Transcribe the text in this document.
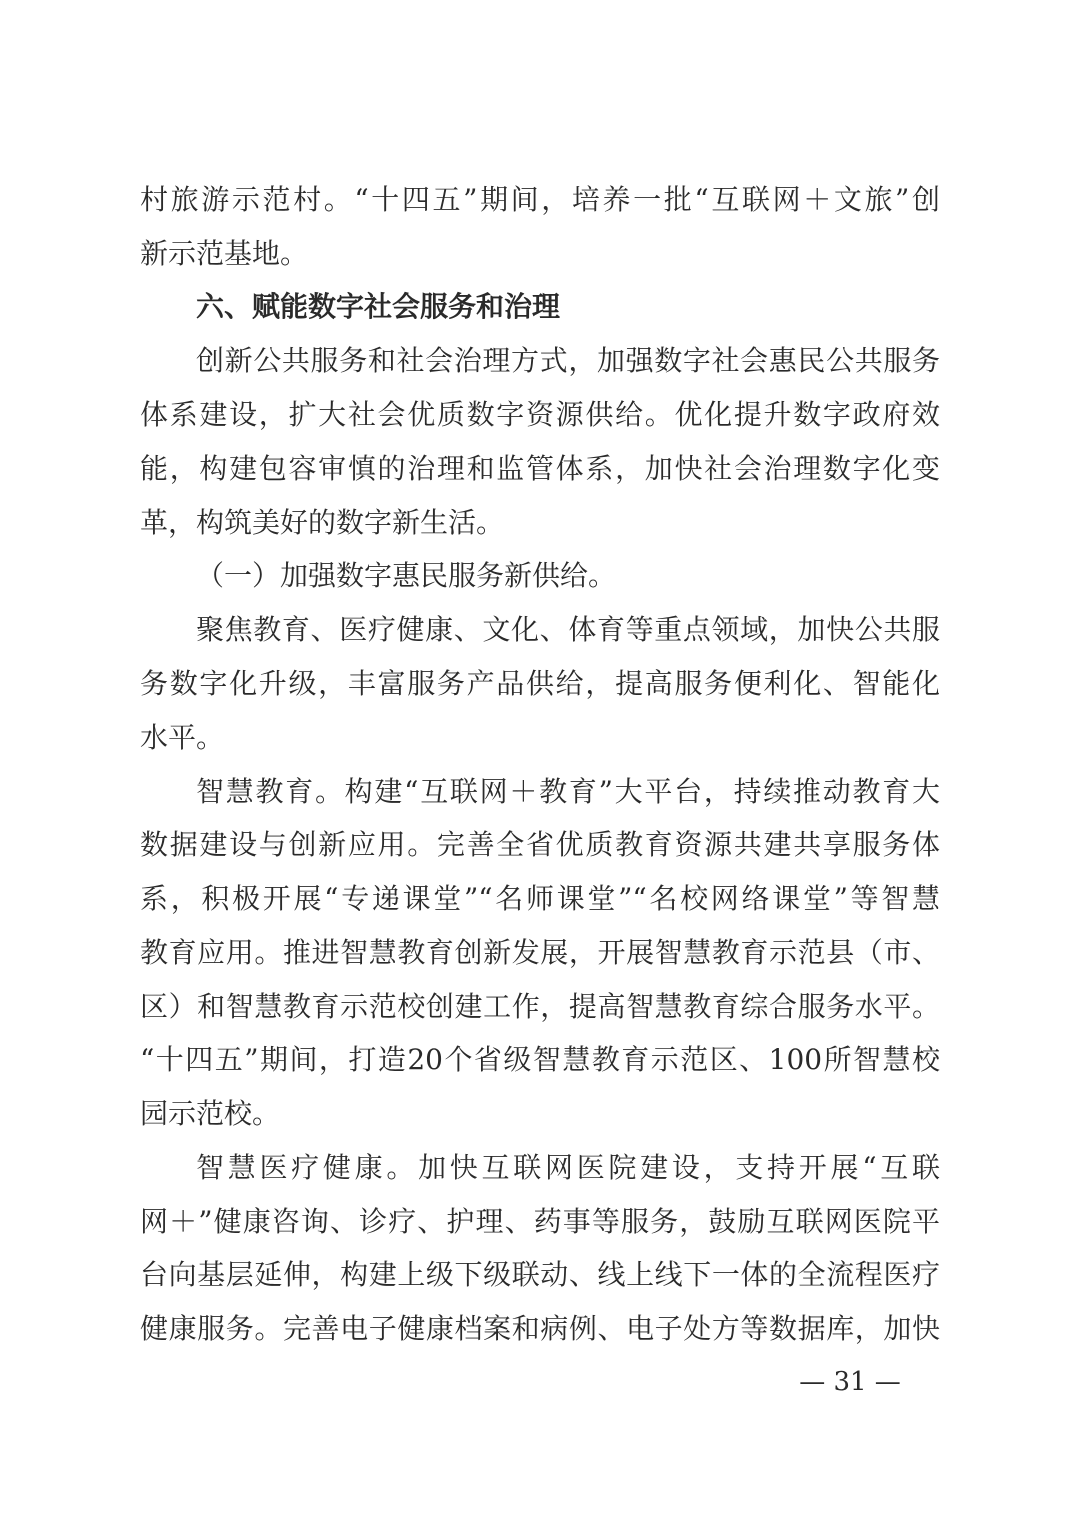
村旅游示范村。“十四五”期间，培养一批“互联网＋文旅”创
新示范基地。
六、赋能数字社会服务和治理
创新公共服务和社会治理方式，加强数字社会惠民公共服务
体系建设，扩大社会优质数字资源供给。优化提升数字政府效
能，构建包容审慎的治理和监管体系，加快社会治理数字化变
革，构筑美好的数字新生活。
（一）加强数字惠民服务新供给。
聚焦教育、医疗健康、文化、体育等重点领域，加快公共服
务数字化升级，丰富服务产品供给，提高服务便利化、智能化
水平。
智慧教育。构建“互联网＋教育”大平台，持续推动教育大
数据建设与创新应用。完善全省优质教育资源共建共享服务体
系，积极开展“专递课堂”“名师课堂”“名校网络课堂”等智慧
教育应用。推进智慧教育创新发展，开展智慧教育示范县（市、
区）和智慧教育示范校创建工作，提高智慧教育综合服务水平。
“十四五”期间，打造20个省级智慧教育示范区、100所智慧校
园示范校。
智慧医疗健康。加快互联网医院建设，支持开展“互联
网＋”健康咨询、诊疗、护理、药事等服务，鼓励互联网医院平
台向基层延伸，构建上级下级联动、线上线下一体的全流程医疗
健康服务。完善电子健康档案和病例、电子处方等数据库，加快
— 31 —
